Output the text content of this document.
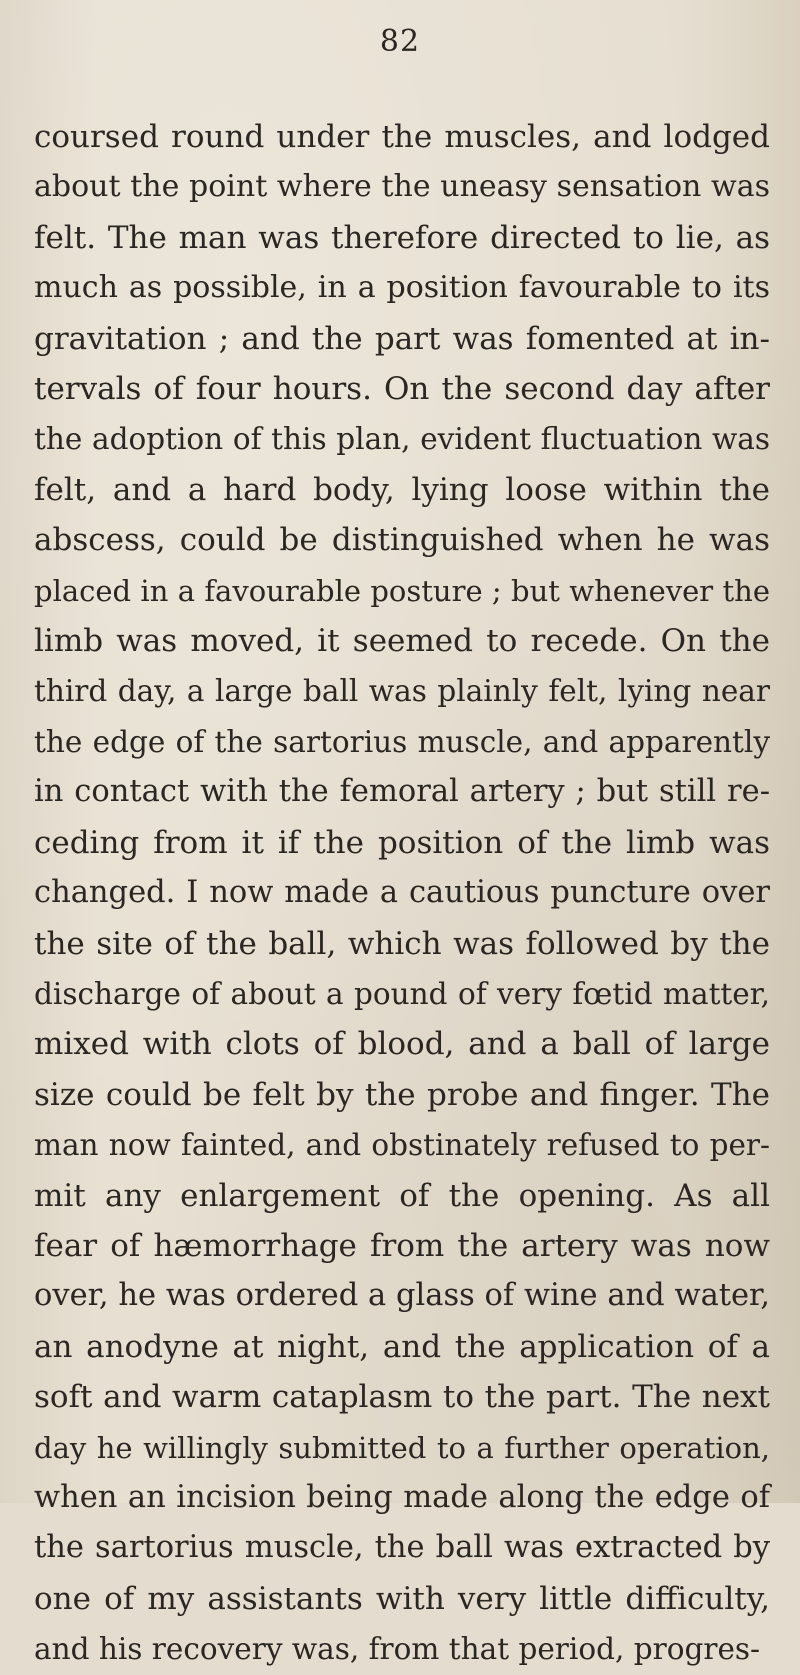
82
coursed round under the muscles, and lodged
about the point where the uneasy sensation was
felt. The man was therefore directed to lie, as
much as possible, in a position favourable to its
gravitation ; and the part was fomented at in-
tervals of four hours. On the second day after
the adoption of this plan, evident fluctuation was
felt, and a hard body, lying loose within the
abscess, could be distinguished when he was
placed in a favourable posture ; but whenever the
limb was moved, it seemed to recede. On the
third day, a large ball was plainly felt, lying near
the edge of the sartorius muscle, and apparently
in contact with the femoral artery ; but still re-
ceding from it if the position of the limb was
changed. I now made a cautious puncture over
the site of the ball, which was followed by the
discharge of about a pound of very fœtid matter,
mixed with clots of blood, and a ball of large
size could be felt by the probe and finger. The
man now fainted, and obstinately refused to per-
mit any enlargement of the opening. As all
fear of hæmorrhage from the artery was now
over, he was ordered a glass of wine and water,
an anodyne at night, and the application of a
soft and warm cataplasm to the part. The next
day he willingly submitted to a further operation,
when an incision being made along the edge of
the sartorius muscle, the ball was extracted by
one of my assistants with very little difficulty,
and his recovery was, from that period, progres-
